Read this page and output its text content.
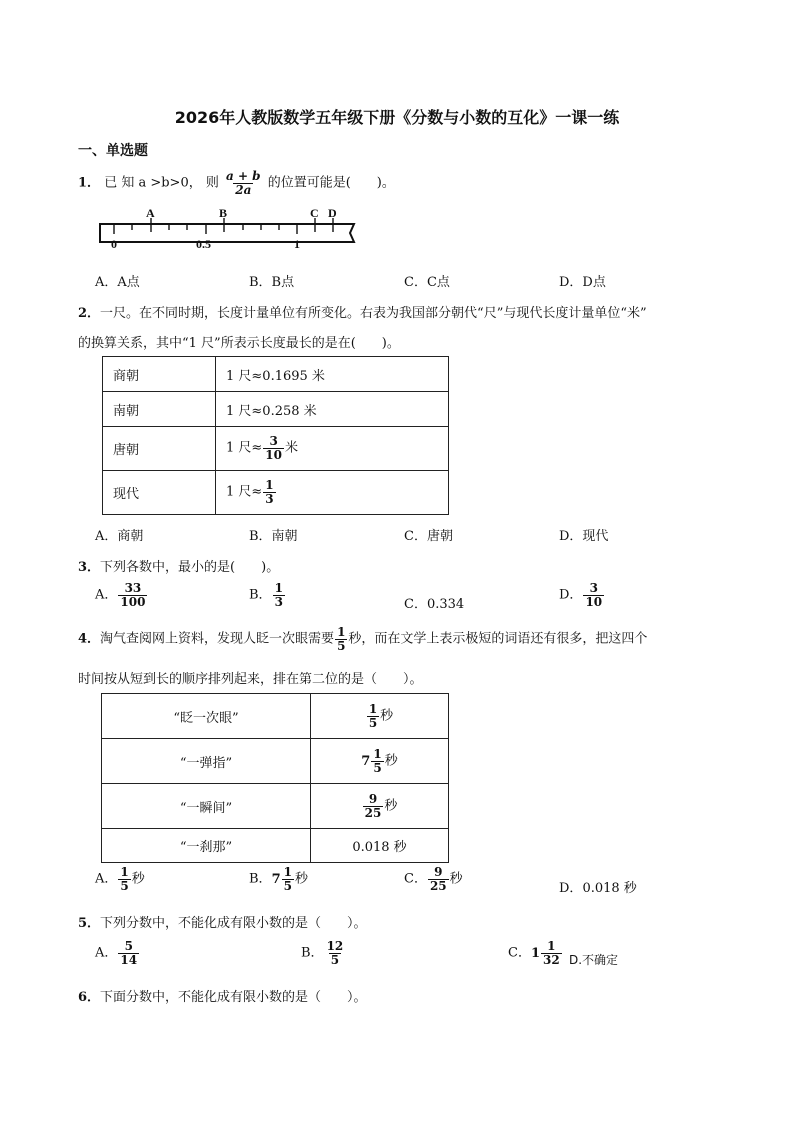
2026年人教版数学五年级下册《分数与小数的互化》一课一练
一、单选题
1． 已 知 a >b>0， 则 $\frac{a + b}{2a}$ 的位置可能是(　　)。
A	B	C D
0	0.5	1
A．A点	B．B点	C．C点	D．D点
2．一尺。在不同时期，长度计量单位有所变化。右表为我国部分朝代“尺”与现代长度计量单位“米”
的换算关系，其中“1 尺”所表示长度最长的是在(　　)。
商朝	1 尺≈0.1695 米
南朝	1 尺≈0.258 米
唐朝	1 尺≈ $\frac{3}{10}$ 米
现代	1 尺≈ $\frac{1}{3}$
A．商朝	B．南朝	C．唐朝	D．现代
3．下列各数中，最小的是(　　)。
A． $\frac{33}{100}$	B． $\frac{1}{3}$	C．0.334
D． $\frac{3}{10}$
4．淘气查阅网上资料，发现人眨一次眼需要 $\frac{1}{5}$ 秒，而在文学上表示极短的词语还有很多，把这四个
时间按从短到长的顺序排列起来，排在第二位的是（　　）。
“眨一次眼”	$\frac{1}{5}$ 秒
“一弹指”	$7 \frac{1}{5}$ 秒
“一瞬间”	$\frac{9}{25}$ 秒
“一刹那”	0.018 秒
A． $\frac{1}{5}$ 秒	B． $7 \frac{1}{5}$ 秒	C． $\frac{9}{25}$ 秒
D．0.018 秒
5．下列分数中，不能化成有限小数的是（　　）。
A． $\frac{5}{14}$	B． $\frac{12}{5}$	C． $1 \frac{1}{32} D$.不确定
6．下面分数中，不能化成有限小数的是（　　）。
